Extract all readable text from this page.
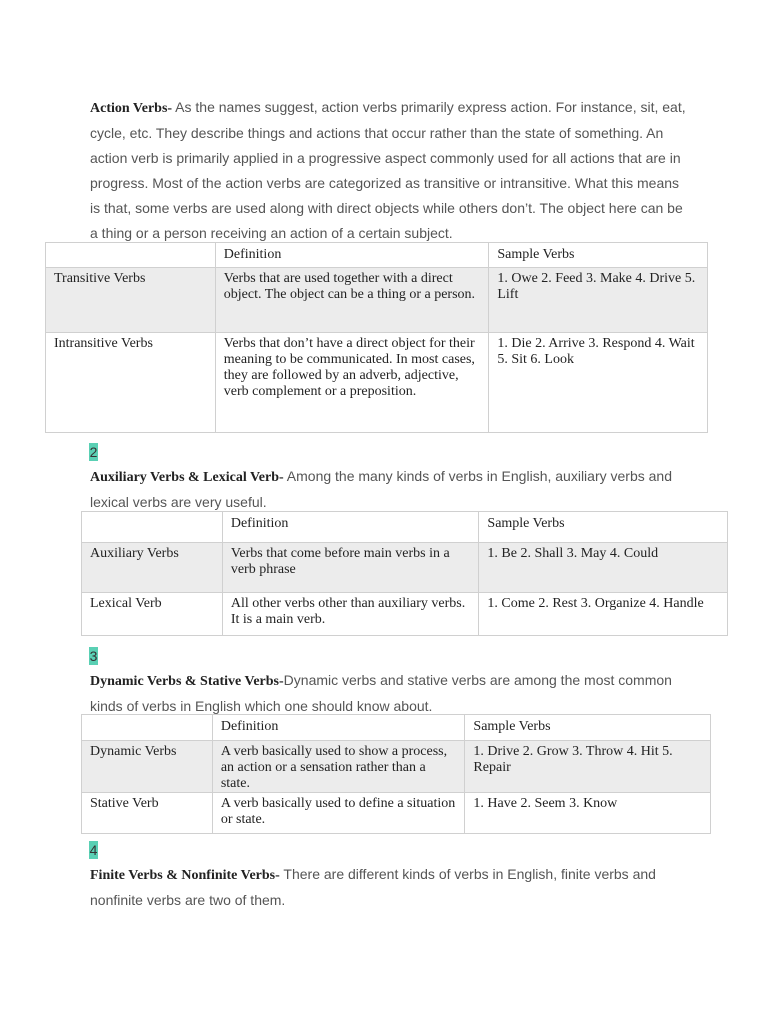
Action Verbs- As the names suggest, action verbs primarily express action. For instance, sit, eat, cycle, etc. They describe things and actions that occur rather than the state of something. An action verb is primarily applied in a progressive aspect commonly used for all actions that are in progress. Most of the action verbs are categorized as transitive or intransitive. What this means is that, some verbs are used along with direct objects while others don’t. The object here can be a thing or a person receiving an action of a certain subject.

	Definition	Sample Verbs
Transitive Verbs	Verbs that are used together with a direct object. The object can be a thing or a person.	1. Owe 2. Feed 3. Make 4. Drive 5. Lift
Intransitive Verbs	Verbs that don’t have a direct object for their meaning to be communicated. In most cases, they are followed by an adverb, adjective, verb complement or a preposition.	1. Die 2. Arrive 3. Respond 4. Wait 5. Sit 6. Look
2

Auxiliary Verbs & Lexical Verb- Among the many kinds of verbs in English, auxiliary verbs and lexical verbs are very useful.

	Definition	Sample Verbs
Auxiliary Verbs	Verbs that come before main verbs in a verb phrase	1. Be 2. Shall 3. May 4. Could
Lexical Verb	All other verbs other than auxiliary verbs. It is a main verb.	1. Come 2. Rest 3. Organize 4. Handle
3

Dynamic Verbs & Stative Verbs-Dynamic verbs and stative verbs are among the most common kinds of verbs in English which one should know about.

	Definition	Sample Verbs
Dynamic Verbs	A verb basically used to show a process, an action or a sensation rather than a state.	1. Drive 2. Grow 3. Throw 4. Hit 5. Repair
Stative Verb	A verb basically used to define a situation or state.	1. Have 2. Seem 3. Know
4

Finite Verbs & Nonfinite Verbs- There are different kinds of verbs in English, finite verbs and nonfinite verbs are two of them.
